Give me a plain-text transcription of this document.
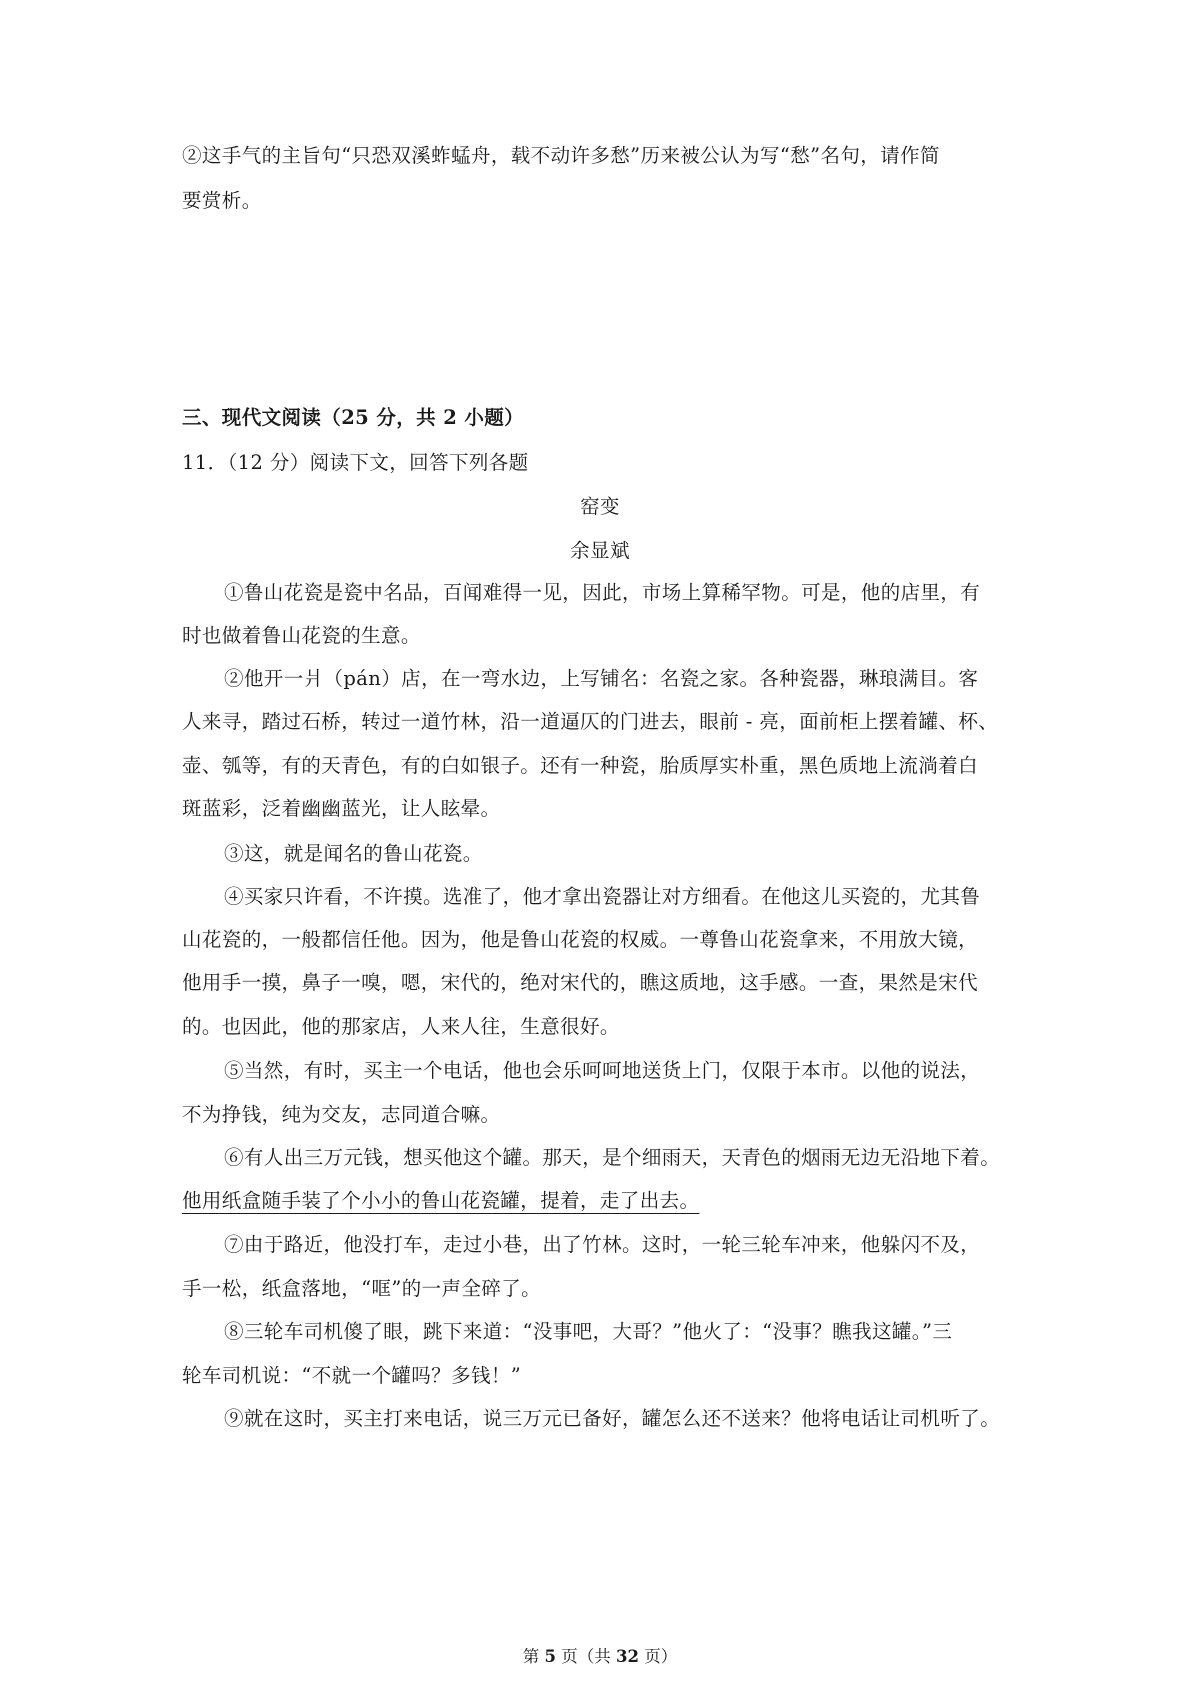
②这手气的主旨句“只恐双溪蚱蜢舟，载不动许多愁”历来被公认为写“愁”名句，请作简
要赏析。
三、现代文阅读（25 分，共 2 小题）
11．（12 分）阅读下文，回答下列各题
窑变
余显斌
①鲁山花瓷是瓷中名品，百闻难得一见，因此，市场上算稀罕物。可是，他的店里，有
时也做着鲁山花瓷的生意。
②他开一爿（pán）店，在一弯水边，上写铺名：名瓷之家。各种瓷器，琳琅满目。客
人来寻，踏过石桥，转过一道竹林，沿一道逼仄的门进去，眼前 - 亮，面前柜上摆着罐、杯、
壶、瓠等，有的天青色，有的白如银子。还有一种瓷，胎质厚实朴重，黑色质地上流淌着白
斑蓝彩，泛着幽幽蓝光，让人眩晕。
③这，就是闻名的鲁山花瓷。
④买家只许看，不许摸。选准了，他才拿出瓷器让对方细看。在他这儿买瓷的，尤其鲁
山花瓷的，一般都信任他。因为，他是鲁山花瓷的权威。一尊鲁山花瓷拿来，不用放大镜，
他用手一摸，鼻子一嗅，嗯，宋代的，绝对宋代的，瞧这质地，这手感。一查，果然是宋代
的。也因此，他的那家店，人来人往，生意很好。
⑤当然，有时，买主一个电话，他也会乐呵呵地送货上门，仅限于本市。以他的说法，
不为挣钱，纯为交友，志同道合嘛。
⑥有人出三万元钱，想买他这个罐。那天，是个细雨天，天青色的烟雨无边无沿地下着。
他用纸盒随手装了个小小的鲁山花瓷罐，提着，走了出去。
⑦由于路近，他没打车，走过小巷，出了竹林。这时，一轮三轮车冲来，他躲闪不及，
手一松，纸盒落地，“哐”的一声全碎了。
⑧三轮车司机傻了眼，跳下来道：“没事吧，大哥？”他火了：“没事？瞧我这罐。”三
轮车司机说：“不就一个罐吗？多钱！”
⑨就在这时，买主打来电话，说三万元已备好，罐怎么还不送来？他将电话让司机听了。
第 5 页（共 32 页）
